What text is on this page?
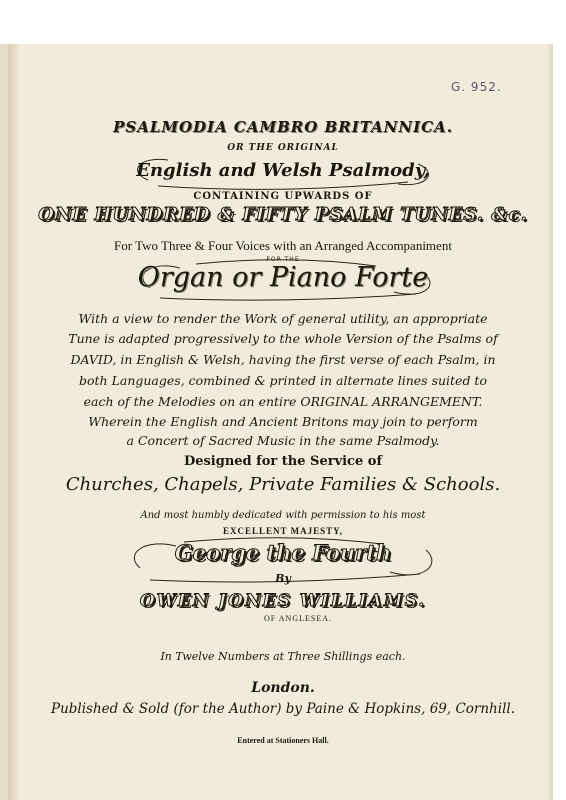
G. 952.
PSALMODIA CAMBRO BRITANNICA.
OR THE ORIGINAL
English and Welsh Psalmody,
CONTAINING UPWARDS OF
ONE HUNDRED & FIFTY PSALM TUNES. &c.
For Two Three & Four Voices with an Arranged Accompaniment
FOR THE
Organ or Piano Forte
With a view to render the Work of general utility, an appropriate
Tune is adapted progressively to the whole Version of the Psalms of
DAVID, in English & Welsh, having the first verse of each Psalm, in
both Languages, combined & printed in alternate lines suited to
each of the Melodies on an entire ORIGINAL ARRANGEMENT.
Wherein the English and Ancient Britons may join to perform
a Concert of Sacred Music in the same Psalmody.
Designed for the Service of
Churches, Chapels, Private Families & Schools.
And most humbly dedicated with permission to his most
EXCELLENT MAJESTY,
George the Fourth
By
OWEN JONES WILLIAMS.
OF ANGLESEA.
In Twelve Numbers at Three Shillings each.
London.
Published & Sold (for the Author) by Paine & Hopkins, 69, Cornhill.
Entered at Stationers Hall.
